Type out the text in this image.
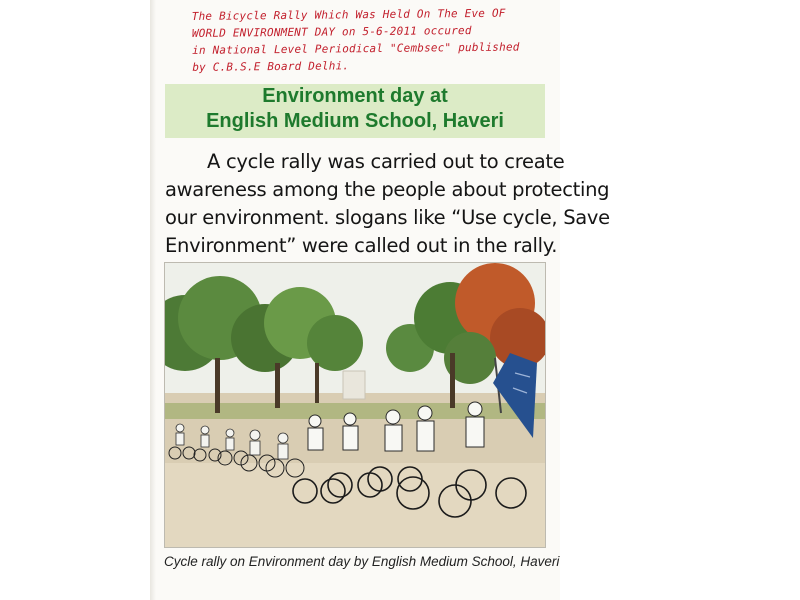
The Bicycle Rally Which Was Held On The Eve OF
WORLD ENVIRONMENT DAY on 5-6-2011 occured
in National Level Periodical "Cembsec" published
by C.B.S.E Board Delhi.
Environment day at
English Medium School, Haveri
A cycle rally was carried out to create
awareness among the people about protecting
our environment. slogans like “Use cycle, Save
Environment” were called out in the rally.
Cycle rally on Environment day by English Medium School, Haveri
